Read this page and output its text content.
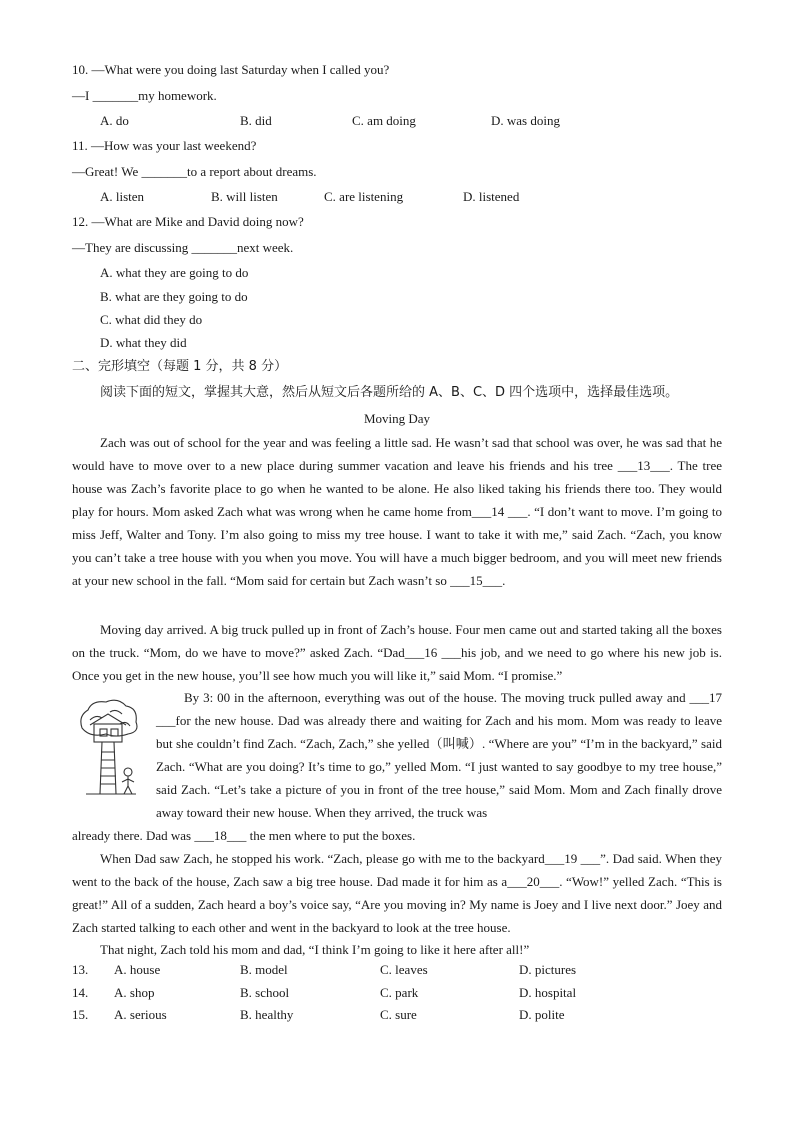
10. —What were you doing last Saturday when I called you?
—I _______my homework.
A. do	B. did	C. am doing	D. was doing
11. —How was your last weekend?
—Great! We _______to a report about dreams.
A. listen	B. will listen	C. are listening	D. listened
12. —What are Mike and David doing now?
—They are discussing _______next week.
A. what they are going to do
B. what are they going to do
C. what did they do
D. what they did
二、完形填空（每题 1 分，共 8 分）
阅读下面的短文，掌握其大意，然后从短文后各题所给的 A、B、C、D 四个选项中，选择最佳选项。
Moving Day

Zach was out of school for the year and was feeling a little sad. He wasn’t sad that school was over, he was sad that he would have to move over to a new place during summer vacation and leave his friends and his tree ___13___. The tree house was Zach’s favorite place to go when he wanted to be alone. He also liked taking his friends there too. They would play for hours. Mom asked Zach what was wrong when he came home from___14 ___. “I don’t want to move. I’m going to miss Jeff, Walter and Tony. I’m also going to miss my tree house. I want to take it with me,” said Zach. “Zach, you know you can’t take a tree house with you when you move. You will have a much bigger bedroom, and you will meet new friends at your new school in the fall. “Mom said for certain but Zach wasn’t so ___15___.

Moving day arrived. A big truck pulled up in front of Zach’s house. Four men came out and started taking all the boxes on the truck. “Mom, do we have to move?” asked Zach. “Dad___16 ___his job, and we need to go where his new job is. Once you get in the new house, you’ll see how much you will like it,” said Mom. “I promise.”

By 3: 00 in the afternoon, everything was out of the house. The moving truck pulled away and ___17 ___for the new house. Dad was already there and waiting for Zach and his mom. Mom was ready to leave but she couldn’t find Zach. “Zach, Zach,” she yelled（叫喊）. “Where are you” “I’m in the backyard,” said Zach. “What are you doing? It’s time to go,” yelled Mom. “I just wanted to say goodbye to my tree house,” said Zach. “Let’s take a picture of you in front of the tree house,” said Mom. Mom and Zach finally drove away toward their new house. When they arrived, the truck was

already there. Dad was ___18___ the men where to put the boxes.

When Dad saw Zach, he stopped his work. “Zach, please go with me to the backyard___19 ___”. Dad said. When they went to the back of the house, Zach saw a big tree house. Dad made it for him as a___20___. “Wow!” yelled Zach. “This is great!” All of a sudden, Zach heard a boy’s voice say, “Are you moving in? My name is Joey and I live next door.” Joey and Zach started talking to each other and went in the backyard to look at the tree house.

That night, Zach told his mom and dad, “I think I’m going to like it here after all!”

13. A. house	B. model	C. leaves	D. pictures
14. A. shop	B. school	C. park	D. hospital
15. A. serious	B. healthy	C. sure	D. polite
